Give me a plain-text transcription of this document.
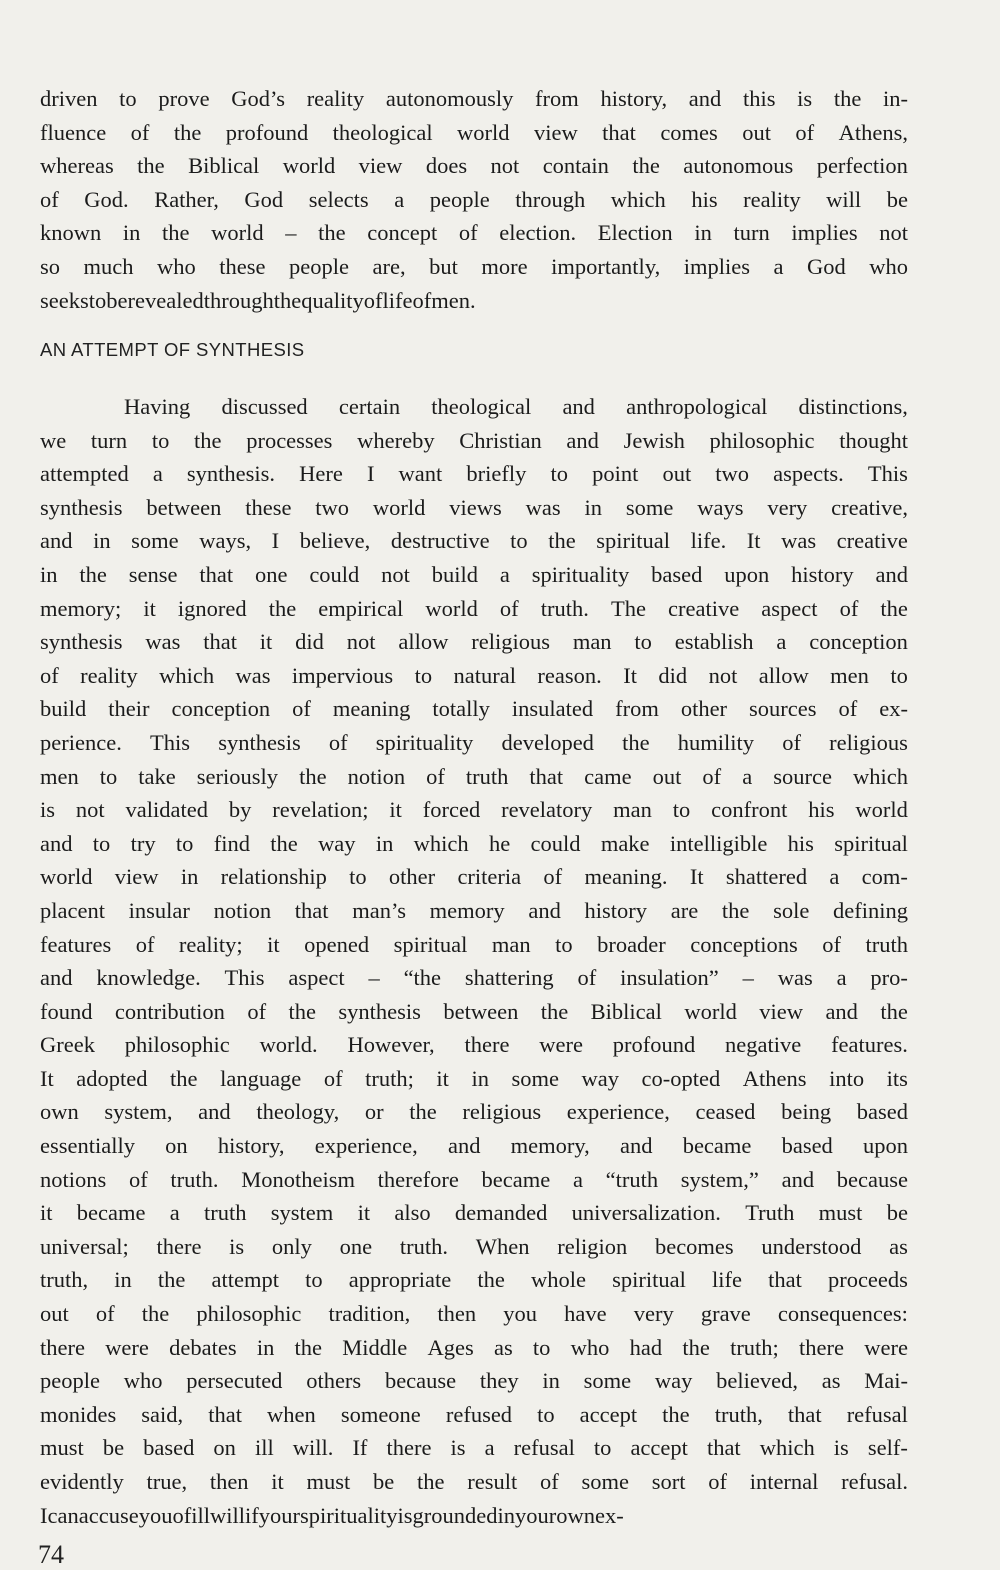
driven to prove God’s reality autonomously from history, and this is the in-
fluence of the profound theological world view that comes out of Athens,
whereas the Biblical world view does not contain the autonomous perfection
of God. Rather, God selects a people through which his reality will be
known in the world – the concept of election. Election in turn implies not
so much who these people are, but more importantly, implies a God who
seeks to be revealed through the quality of life of men.
AN ATTEMPT OF SYNTHESIS
Having discussed certain theological and anthropological distinctions,
we turn to the processes whereby Christian and Jewish philosophic thought
attempted a synthesis. Here I want briefly to point out two aspects. This
synthesis between these two world views was in some ways very creative,
and in some ways, I believe, destructive to the spiritual life. It was creative
in the sense that one could not build a spirituality based upon history and
memory; it ignored the empirical world of truth. The creative aspect of the
synthesis was that it did not allow religious man to establish a conception
of reality which was impervious to natural reason. It did not allow men to
build their conception of meaning totally insulated from other sources of ex-
perience. This synthesis of spirituality developed the humility of religious
men to take seriously the notion of truth that came out of a source which
is not validated by revelation; it forced revelatory man to confront his world
and to try to find the way in which he could make intelligible his spiritual
world view in relationship to other criteria of meaning. It shattered a com-
placent insular notion that man’s memory and history are the sole defining
features of reality; it opened spiritual man to broader conceptions of truth
and knowledge. This aspect – “the shattering of insulation” – was a pro-
found contribution of the synthesis between the Biblical world view and the
Greek philosophic world. However, there were profound negative features.
It adopted the language of truth; it in some way co-opted Athens into its
own system, and theology, or the religious experience, ceased being based
essentially on history, experience, and memory, and became based upon
notions of truth. Monotheism therefore became a “truth system,” and because
it became a truth system it also demanded universalization. Truth must be
universal; there is only one truth. When religion becomes understood as
truth, in the attempt to appropriate the whole spiritual life that proceeds
out of the philosophic tradition, then you have very grave consequences:
there were debates in the Middle Ages as to who had the truth; there were
people who persecuted others because they in some way believed, as Mai-
monides said, that when someone refused to accept the truth, that refusal
must be based on ill will. If there is a refusal to accept that which is self-
evidently true, then it must be the result of some sort of internal refusal.
I can accuse you of ill will if your spirituality is grounded in your own ex-
74
